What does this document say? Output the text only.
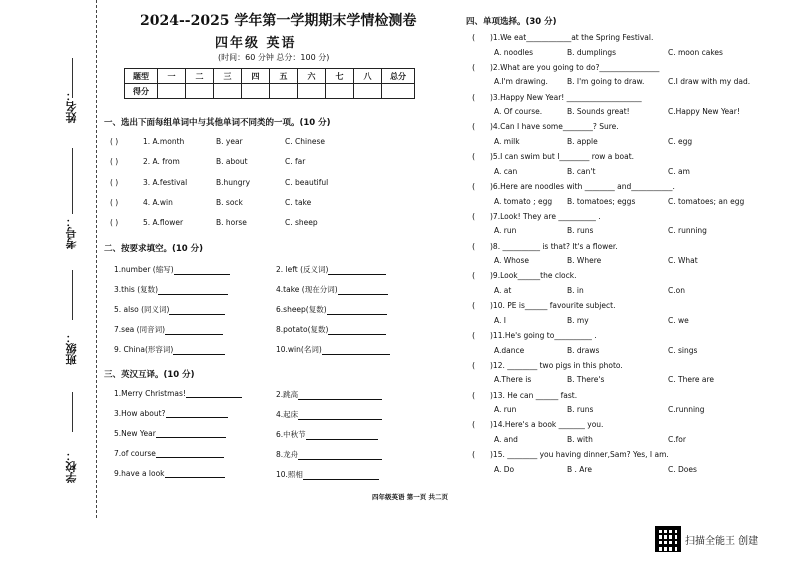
姓名：
考号：
班级：
学校：
2024--2025 学年第一学期期末学情检测卷
四年级 英语
(时间：60 分钟 总分：100 分)
题型	一	二	三	四	五	六	七	八	总分
得分									
一、选出下面每组单词中与其他单词不同类的一项。(10 分)
( )	1. A.month	B. year	C. Chinese
( )	2. A. from	B. about	C. far
( )	3. A.festival	B.hungry	C. beautiful
( )	4. A.win	B. sock	C. take
( )	5. A.flower	B. horse	C. sheep
二、按要求填空。(10 分)
1.number (缩写)
3.this (复数)
5. also (同义词)
7.sea (同音词)
9. China(形容词)
2. left (反义词)
4.take (现在分词)
6.sheep(复数)
8.potato(复数)
10.win(名词)
三、英汉互译。(10 分)
1.Merry Christmas!
3.How about?
5.New Year
7.of course
9.have a look
2.跳高
4.起床
6.中秋节
8.龙舟
10.照相
四、单项选择。(30 分)
( )1.We eat____________at the Spring Festival.
A. noodles	B. dumplings	C. moon cakes
( )2.What are you going to do?________________
A.I'm drawing.	B. I'm going to draw.	C.I draw with my dad.
( )3.Happy New Year! ____________________
A. Of course.	B. Sounds great!	C.Happy New Year!
( )4.Can I have some________? Sure.
A. milk	B. apple	C. egg
( )5.I can swim but I________ row a boat.
A. can	B. can't	C. am
( )6.Here are noodles with ________ and___________.
A. tomato ; egg B. tomatoes; eggs	C. tomatoes; an egg
( )7.Look! They are __________ .
A. run	B. runs	C. running
( )8. __________ is that? It's a flower.
A. Whose	B. Where	C. What
( )9.Look______the clock.
A. at	B. in	C.on
( )10. PE is______ favourite subject.
A. I	B. my	C. we
( )11.He's going to__________ .
A.dance	B. draws	C. sings
( )12. ________ two pigs in this photo.
A.There is	B. There's	C. There are
( )13. He can ______ fast.
A. run	B. runs	C.running
( )14.Here's a book _______ you.
A. and	B. with	C.for
( )15. ________ you having dinner,Sam? Yes, I am.
A. Do	B . Are	C. Does
四年级英语 第一页 共二页
扫描全能王 创建
